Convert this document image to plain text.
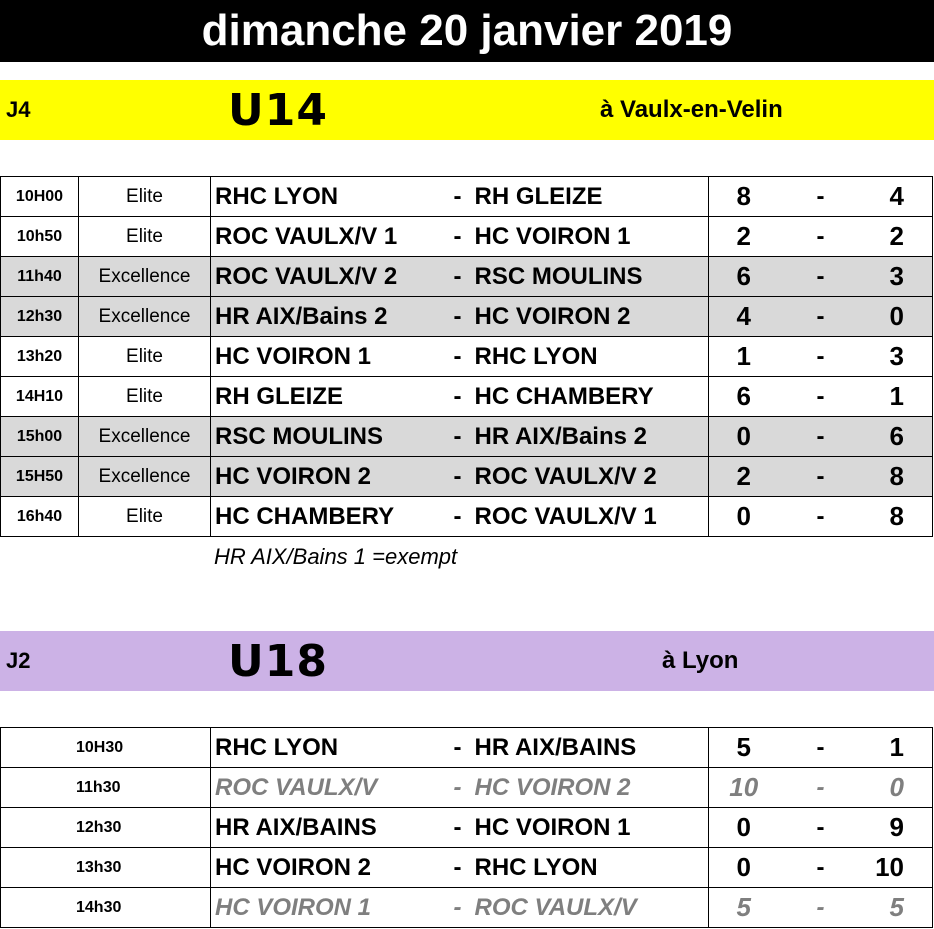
dimanche 20 janvier 2019
J4	U14	à Vaulx-en-Velin
10H00	Elite	RHC LYON	-	RH GLEIZE	8	-	4
10h50	Elite	ROC VAULX/V 1	-	HC VOIRON 1	2	-	2
11h40	Excellence	ROC VAULX/V 2	-	RSC MOULINS	6	-	3
12h30	Excellence	HR AIX/Bains 2	-	HC VOIRON 2	4	-	0
13h20	Elite	HC VOIRON 1	-	RHC LYON	1	-	3
14H10	Elite	RH GLEIZE	-	HC CHAMBERY	6	-	1
15h00	Excellence	RSC MOULINS	-	HR AIX/Bains 2	0	-	6
15H50	Excellence	HC VOIRON 2	-	ROC VAULX/V 2	2	-	8
16h40	Elite	HC CHAMBERY	-	ROC VAULX/V 1	0	-	8
HR AIX/Bains 1 =exempt
J2	U18	à Lyon
10H30	RHC LYON	-	HR AIX/BAINS	5	-	1
11h30	ROC VAULX/V	-	HC VOIRON 2	10	-	0
12h30	HR AIX/BAINS	-	HC VOIRON 1	0	-	9
13h30	HC VOIRON 2	-	RHC LYON	0	-	10
14h30	HC VOIRON 1	-	ROC VAULX/V	5	-	5
